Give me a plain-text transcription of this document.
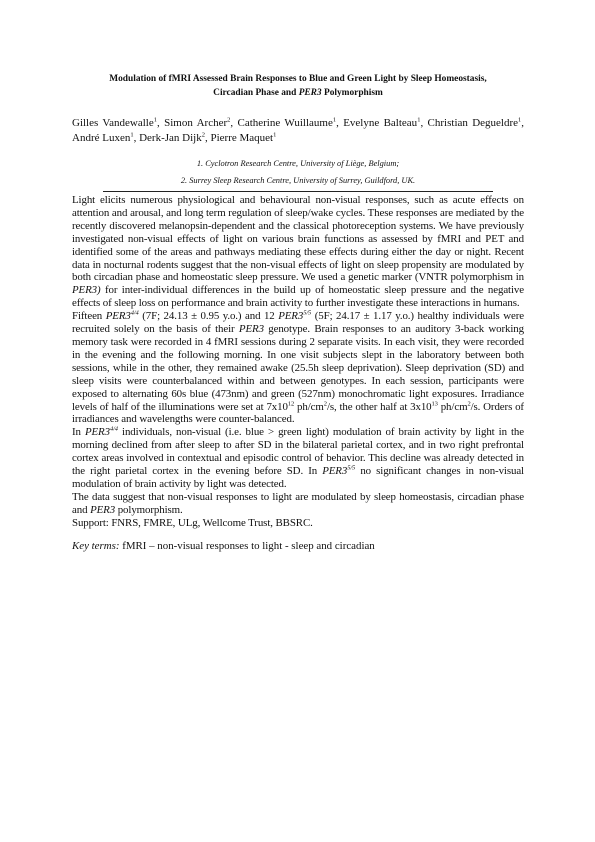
Modulation of fMRI Assessed Brain Responses to Blue and Green Light by Sleep Homeostasis,
Circadian Phase and PER3 Polymorphism
Gilles Vandewalle$^1$, Simon Archer$^2$, Catherine Wuillaume$^1$, Evelyne Balteau$^1$, Christian Degueldre$^1$, André Luxen$^1$, Derk-Jan Dijk$^2$, Pierre Maquet$^1$
1. Cyclotron Research Centre, University of Liège, Belgium;
2. Surrey Sleep Research Centre, University of Surrey, Guildford, UK.

Light elicits numerous physiological and behavioural non-visual responses, such as acute effects on attention and arousal, and long term regulation of sleep/wake cycles. These responses are mediated by the recently discovered melanopsin-dependent and the classical photoreception systems. We have previously investigated non-visual effects of light on various brain functions as assessed by fMRI and PET and identified some of the areas and pathways mediating these effects during either the day or night. Recent data in nocturnal rodents suggest that the non-visual effects of light on sleep propensity are modulated by both circadian phase and homeostatic sleep pressure. We used a genetic marker (VNTR polymorphism in PER3) for inter-individual differences in the build up of homeostatic sleep pressure and the negative effects of sleep loss on performance and brain activity to further investigate these interactions in humans.

Fifteen $PER3^{4/4}$ (7F; 24.13 ± 0.95 y.o.) and 12 $PER3^{5/5}$ (5F; 24.17 ± 1.17 y.o.) healthy individuals were recruited solely on the basis of their PER3 genotype. Brain responses to an auditory 3-back working memory task were recorded in 4 fMRI sessions during 2 separate visits. In each visit, they were recorded in the evening and the following morning. In one visit subjects slept in the laboratory between both sessions, while in the other, they remained awake (25.5h sleep deprivation). Sleep deprivation (SD) and sleep visits were counterbalanced within and between genotypes. In each session, participants were exposed to alternating 60s blue (473nm) and green (527nm) monochromatic light exposures. Irradiance levels of half of the illuminations were set at $7x10^{12}$ $ph/cm^2/s$, the other half at $3x10^{13}$ $ph/cm^2/s$. Orders of irradiances and wavelengths were counter-balanced.

In $PER3^{4/4}$ individuals, non-visual (i.e. blue > green light) modulation of brain activity by light in the morning declined from after sleep to after SD in the bilateral parietal cortex, and in two right prefrontal cortex areas involved in contextual and episodic control of behavior. This decline was already detected in the right parietal cortex in the evening before SD. In $PER3^{5/5}$ no significant changes in non-visual modulation of brain activity by light was detected.

The data suggest that non-visual responses to light are modulated by sleep homeostasis, circadian phase and PER3 polymorphism.

Support: FNRS, FMRE, ULg, Wellcome Trust, BBSRC.

Key terms: fMRI – non-visual responses to light - sleep and circadian
